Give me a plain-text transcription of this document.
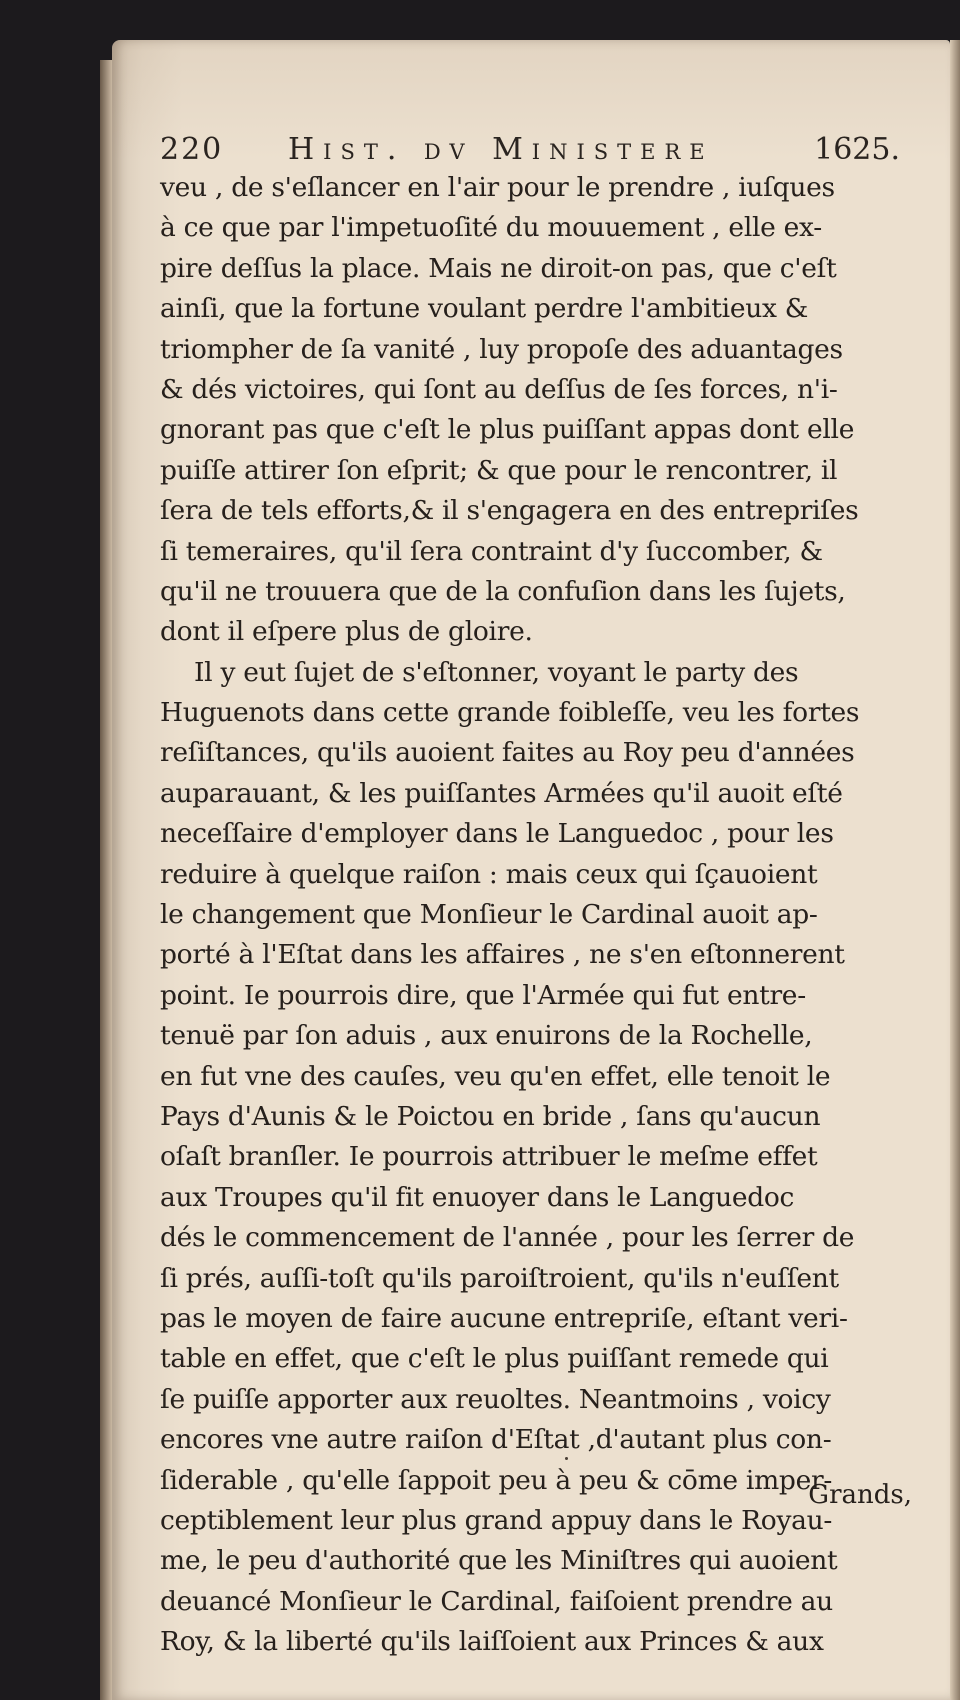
220 Hist. dv Ministere	1625.
veu , de s'eſlancer en l'air pour le prendre , iuſques
à ce que par l'impetuoſité du mouuement , elle ex-
pire deſſus la place. Mais ne diroit-on pas, que c'eſt
ainſi, que la fortune voulant perdre l'ambitieux &
triompher de ſa vanité , luy propoſe des aduantages
& dés victoires, qui ſont au deſſus de ſes forces, n'i-
gnorant pas que c'eſt le plus puiſſant appas dont elle
puiſſe attirer ſon eſprit; & que pour le rencontrer, il
ſera de tels efforts,& il s'engagera en des entrepriſes
ſi temeraires, qu'il ſera contraint d'y ſuccomber, &
qu'il ne trouuera que de la confuſion dans les ſujets,
dont il eſpere plus de gloire.
Il y eut ſujet de s'eſtonner, voyant le party des
Huguenots dans cette grande foibleſſe, veu les fortes
reſiſtances, qu'ils auoient faites au Roy peu d'années
auparauant, & les puiſſantes Armées qu'il auoit eſté
neceſſaire d'employer dans le Languedoc , pour les
reduire à quelque raiſon : mais ceux qui ſçauoient
le changement que Monſieur le Cardinal auoit ap-
porté à l'Eſtat dans les affaires , ne s'en eſtonnerent
point. Ie pourrois dire, que l'Armée qui fut entre-
tenuë par ſon aduis , aux enuirons de la Rochelle,
en fut vne des cauſes, veu qu'en effet, elle tenoit le
Pays d'Aunis & le Poictou en bride , ſans qu'aucun
oſaſt branſler. Ie pourrois attribuer le meſme effet
aux Troupes qu'il fit enuoyer dans le Languedoc
dés le commencement de l'année , pour les ſerrer de
ſi prés, auſſi-toſt qu'ils paroiſtroient, qu'ils n'euſſent
pas le moyen de faire aucune entrepriſe, eſtant veri-
table en effet, que c'eſt le plus puiſſant remede qui
ſe puiſſe apporter aux reuoltes. Neantmoins , voicy
encores vne autre raiſon d'Eſtat ,d'autant plus con-
ſiderable , qu'elle ſappoit peu à peu & cōme imper-
ceptiblement leur plus grand appuy dans le Royau-
me, le peu d'authorité que les Miniſtres qui auoient
deuancé Monſieur le Cardinal, faiſoient prendre au
Roy, & la liberté qu'ils laiſſoient aux Princes & aux
Grands,
